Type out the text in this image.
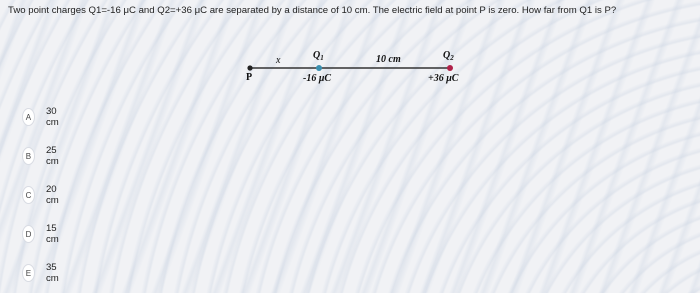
Two point charges Q1=-16 μC and Q2=+36 μC are separated by a distance of 10 cm. The electric field at point P is zero. How far from Q1 is P?
P
x	$Q_1$
-16 μC
10 cm	$Q_2$
+36 μC
A	30 cm
B	25 cm
C	20 cm
D	15 cm
E	35 cm
